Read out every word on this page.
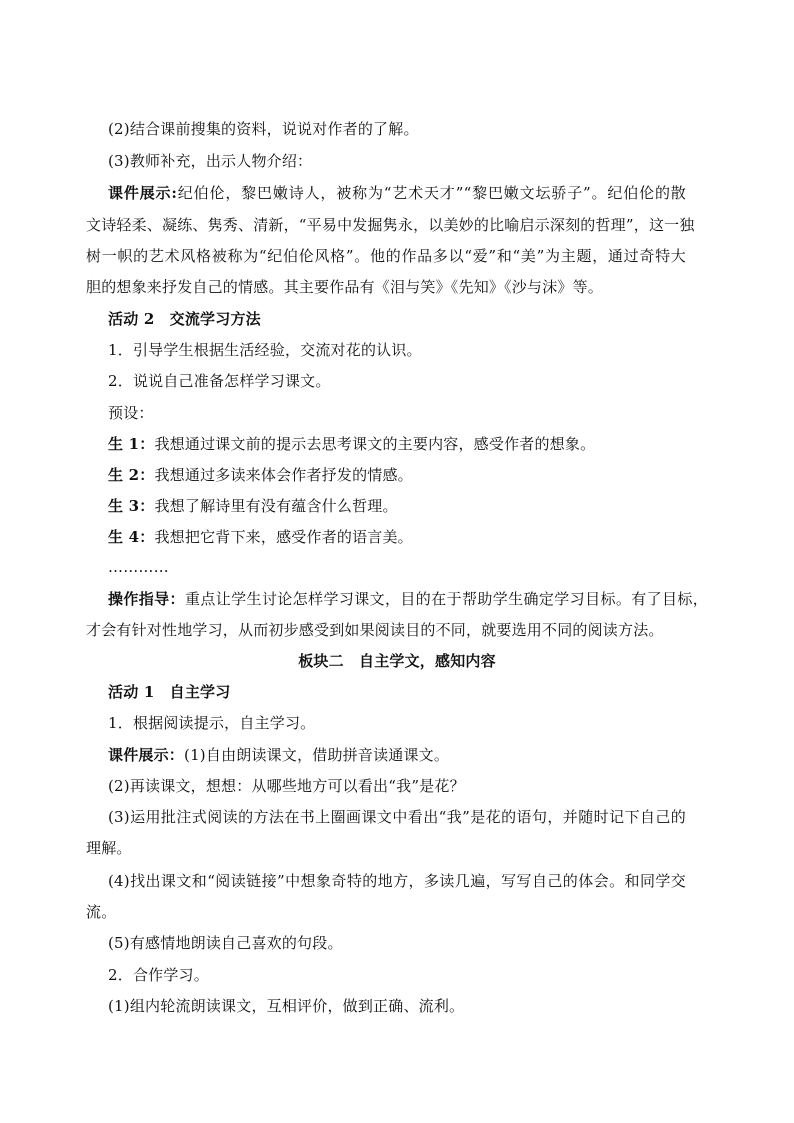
(2)结合课前搜集的资料，说说对作者的了解。
(3)教师补充，出示人物介绍：
课件展示:纪伯伦，黎巴嫩诗人，被称为“艺术天才”“黎巴嫩文坛骄子”。纪伯伦的散
文诗轻柔、凝练、隽秀、清新，“平易中发掘隽永，以美妙的比喻启示深刻的哲理”，这一独
树一帜的艺术风格被称为“纪伯伦风格”。他的作品多以“爱”和“美”为主题，通过奇特大
胆的想象来抒发自己的情感。其主要作品有《泪与笑》《先知》《沙与沫》等。
活动 2　交流学习方法
1．引导学生根据生活经验，交流对花的认识。
2．说说自己准备怎样学习课文。
预设：
生 1：我想通过课文前的提示去思考课文的主要内容，感受作者的想象。
生 2：我想通过多读来体会作者抒发的情感。
生 3：我想了解诗里有没有蕴含什么哲理。
生 4：我想把它背下来，感受作者的语言美。
…………
操作指导：重点让学生讨论怎样学习课文，目的在于帮助学生确定学习目标。有了目标，
才会有针对性地学习，从而初步感受到如果阅读目的不同，就要选用不同的阅读方法。
板块二　自主学文，感知内容
活动 1　自主学习
1．根据阅读提示，自主学习。
课件展示：(1)自由朗读课文，借助拼音读通课文。
(2)再读课文，想想：从哪些地方可以看出“我”是花？
(3)运用批注式阅读的方法在书上圈画课文中看出“我”是花的语句，并随时记下自己的
理解。
(4)找出课文和“阅读链接”中想象奇特的地方，多读几遍，写写自己的体会。和同学交
流。
(5)有感情地朗读自己喜欢的句段。
2．合作学习。
(1)组内轮流朗读课文，互相评价，做到正确、流利。
